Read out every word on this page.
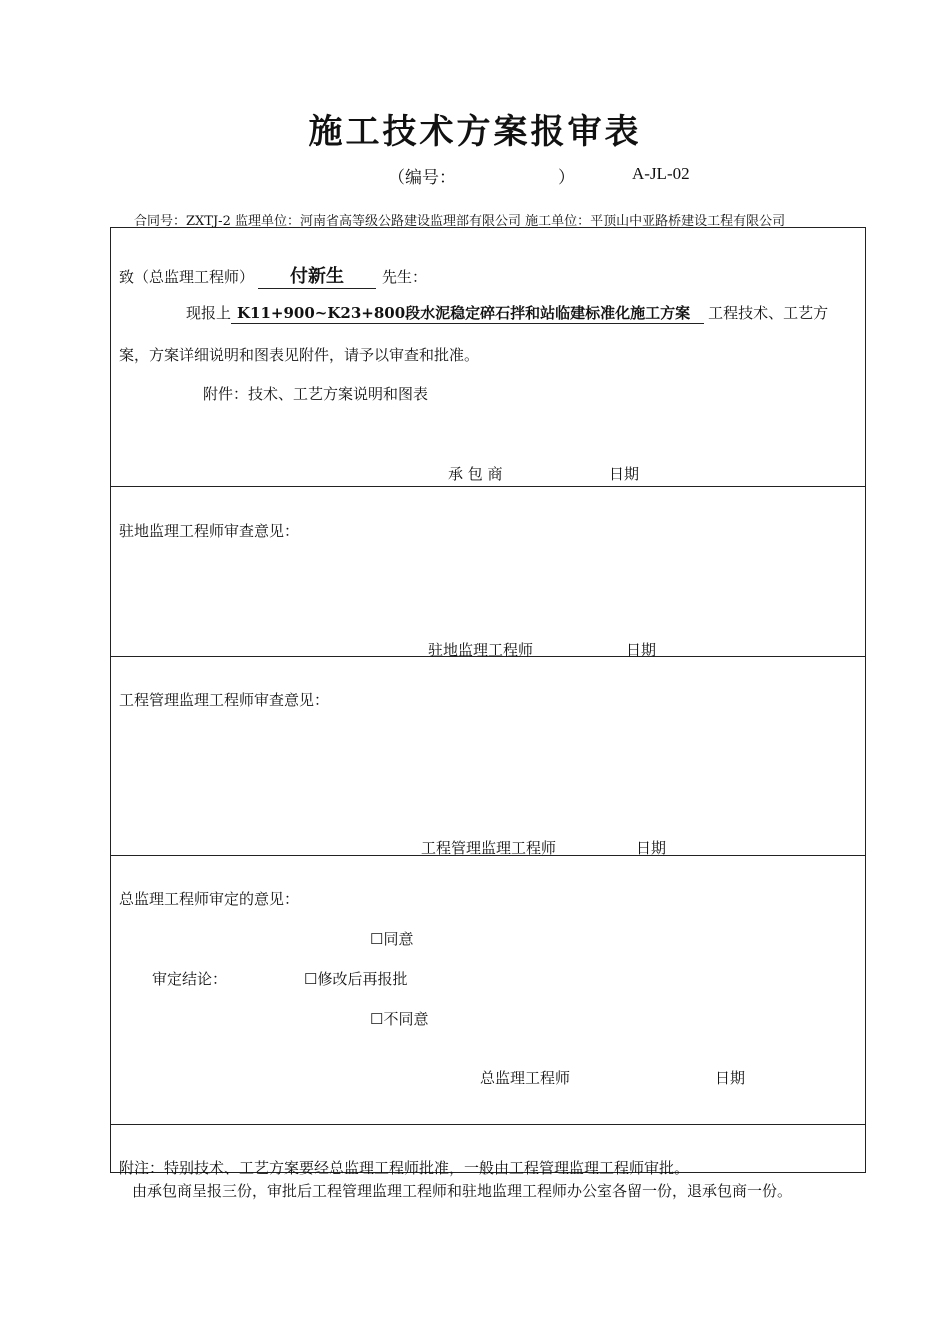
施工技术方案报审表
（编号：	）	A-JL-02
合同号：ZXTJ-2 监理单位：河南省高等级公路建设监理部有限公司 施工单位：平顶山中亚路桥建设工程有限公司
致（总监理工程师） 付新生	先生：
现报上 K11+900~K23+800段水泥稳定碎石拌和站临建标准化施工方案 工程技术、工艺方
案，方案详细说明和图表见附件，请予以审查和批准。
附件：技术、工艺方案说明和图表
承 包 商	日期
驻地监理工程师审查意见：
驻地监理工程师	日期
工程管理监理工程师审查意见：
工程管理监理工程师	日期
总监理工程师审定的意见：
☐同意
审定结论：	☐修改后再报批
☐不同意
总监理工程师	日期
附注：特别技术、工艺方案要经总监理工程师批准，一般由工程管理监理工程师审批。
由承包商呈报三份，审批后工程管理监理工程师和驻地监理工程师办公室各留一份，退承包商一份。
